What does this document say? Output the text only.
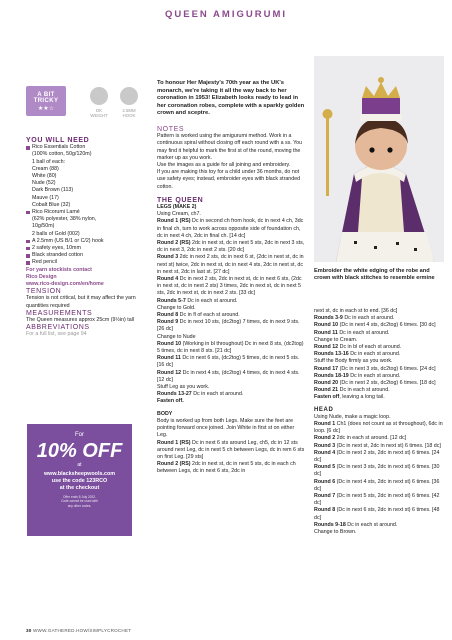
QUEEN AMIGURUMI
A BIT
TRICKY
★★☆	DK
WEIGHT
2.5MM
HOOK

YOU WILL NEED

Rico Essentials Cotton

(100% cotton, 50g/120m)

1 ball of each:

Cream (88)

White (80)

Nude (52)

Dark Brown (113)

Mauve (17)

Cobalt Blue (32)

Rico Ricorumi Lamé

(62% polyester, 38% nylon,

10g/50m)

2 balls of Gold (002)

A 2.5mm (US B/1 or C/2) hook

2 safety eyes, 10mm

Black stranded cotton

Red pencil

For yarn stockists contact

Rico Design

www.rico-design.com/en/home

TENSION

Tension is not critical, but it may affect the yarn quantities required

MEASUREMENTS

The Queen measures approx 25cm (9½in) tall

ABBREVIATIONS

For a full list, see page 94

For
10% OFF
at
www.blacksheepwools.com
use the code 123RCO
at the checkout
Offer ends 8 July 2022.
Code cannot be used with
any other codes.

To honour Her Majesty's 70th year as the UK's monarch, we're taking it all the way back to her coronation in 1953! Elizabeth looks ready to lead in her coronation robes, complete with a sparkly golden crown and sceptre.

NOTES

Pattern is worked using the amigurumi method. Work in a continuous spiral without closing off each round with a ss. You may find it helpful to mark the first st of the round, moving the marker up as you work.

Use the images as a guide for all joining and embroidery.

If you are making this toy for a child under 36 months, do not use safety eyes; instead, embroider eyes with black stranded cotton.

THE QUEEN

LEGS (MAKE 2)

Using Cream, ch7.

Round 1 (RS) Dc in second ch from hook, dc in next 4 ch, 3dc in final ch, turn to work across opposite side of foundation ch, dc in next 4 ch, 2dc in final ch. [14 dc]

Round 2 (RS) 2dc in next st, dc in next 5 sts, 2dc in next 3 sts, dc in next 3, 2dc in next 2 sts. [20 dc]

Round 3 2dc in next 2 sts, dc in next 6 st, (2dc in next st, dc in next st) twice, 2dc in next st, dc in next 4 sts, 2dc in next st, dc in next st, 2dc in last st. [27 dc]

Round 4 Dc in next 2 sts, 2dc in next st, dc in next 6 sts, (2dc in next st, dc in next 2 sts) 3 times, 2dc in next st, dc in next 5 sts, 2dc in next st, dc in next 2 sts. [33 dc]

Rounds 5-7 Dc in each st around.

Change to Gold.

Round 8 Dc in fl of each st around.

Round 9 Dc in next 10 sts, (dc2tog) 7 times, dc in next 9 sts. [26 dc]

Change to Nude

Round 10 (Working in bl throughout) Dc in next 8 sts, (dc2tog) 5 times, dc in next 8 sts. [21 dc]

Round 11 Dc in next 6 sts, (dc2tog) 5 times, dc in next 5 sts. [16 dc]

Round 12 Dc in next 4 sts, (dc2tog) 4 times, dc in next 4 sts. [12 dc]

Stuff Leg as you work.

Rounds 13-27 Dc in each st around.

Fasten off.

BODY

Body is worked up from both Legs. Make sure the feet are pointing forward once joined. Join White in first st on either Leg.

Round 1 (RS) Dc in next 6 sts around Leg, ch5, dc in 12 sts around next Leg, dc in next 5 ch between Legs, dc in rem 6 sts on first Leg. [29 sts]

Round 2 (RS) 2dc in next st, dc in next 5 sts, dc in each ch between Legs, dc in next 6 sts, 2dc in

Embroider the white edging of the robe and crown with black stitches to resemble ermine

next st, dc in each st to end. [36 dc]

Rounds 3-9 Dc in each st around.

Round 10 (Dc in next 4 sts, dc2tog) 6 times. [30 dc]

Round 11 Dc in each st around.

Change to Cream.

Round 12 Dc in bl of each st around.

Rounds 13-16 Dc in each st around.

Stuff the Body firmly as you work.

Round 17 (Dc in next 3 sts, dc2tog) 6 times. [24 dc]

Rounds 18-19 Dc in each st around.

Round 20 (Dc in next 2 sts, dc2tog) 6 times. [18 dc]

Round 21 Dc in each st around.

Fasten off, leaving a long tail.

HEAD

Using Nude, make a magic loop.

Round 1 Ch1 (does not count as st throughout), 6dc in loop. [6 dc]

Round 2 2dc in each st around. [12 dc]

Round 3 (Dc in next st, 2dc in next st) 6 times. [18 dc]

Round 4 (Dc in next 2 sts, 2dc in next st) 6 times. [24 dc]

Round 5 (Dc in next 3 sts, 2dc in next st) 6 times. [30 dc]

Round 6 (Dc in next 4 sts, 2dc in next st) 6 times. [36 dc]

Round 7 (Dc in next 5 sts, 2dc in next st) 6 times. [42 dc]

Round 8 (Dc in next 6 sts, 2dc in next st) 6 times. [48 dc]

Rounds 9-18 Dc in each st around.

Change to Brown.

30 WWW.GATHERED.HOW/SIMPLYCROCHET
